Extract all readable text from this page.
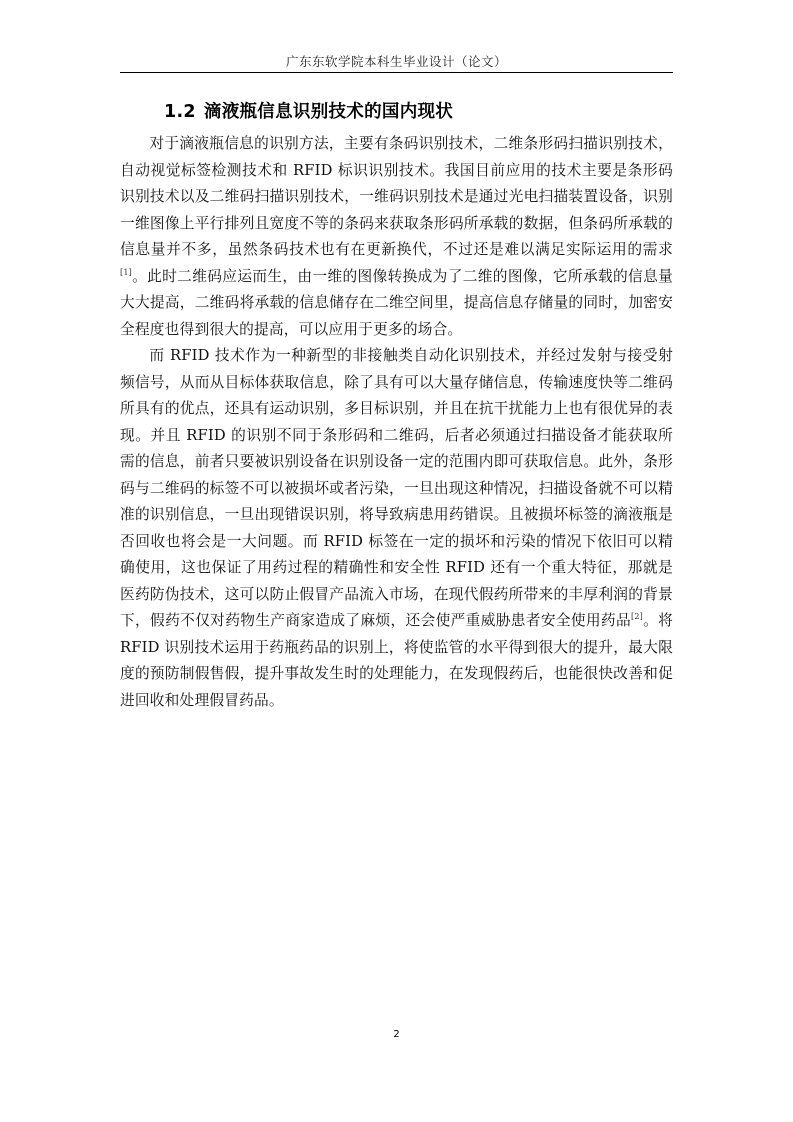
广东东软学院本科生毕业设计（论文）
1.2 滴液瓶信息识别技术的国内现状

对于滴液瓶信息的识别方法，主要有条码识别技术，二维条形码扫描识别技术，自动视觉标签检测技术和 RFID 标识识别技术。我国目前应用的技术主要是条形码识别技术以及二维码扫描识别技术，一维码识别技术是通过光电扫描装置设备，识别一维图像上平行排列且宽度不等的条码来获取条形码所承载的数据，但条码所承载的信息量并不多，虽然条码技术也有在更新换代，不过还是难以满足实际运用的需求[1]。此时二维码应运而生，由一维的图像转换成为了二维的图像，它所承载的信息量大大提高，二维码将承载的信息储存在二维空间里，提高信息存储量的同时，加密安全程度也得到很大的提高，可以应用于更多的场合。

而 RFID 技术作为一种新型的非接触类自动化识别技术，并经过发射与接受射频信号，从而从目标体获取信息，除了具有可以大量存储信息，传输速度快等二维码所具有的优点，还具有运动识别，多目标识别，并且在抗干扰能力上也有很优异的表现。并且 RFID 的识别不同于条形码和二维码，后者必须通过扫描设备才能获取所需的信息，前者只要被识别设备在识别设备一定的范围内即可获取信息。此外，条形码与二维码的标签不可以被损坏或者污染，一旦出现这种情况，扫描设备就不可以精准的识别信息，一旦出现错误识别，将导致病患用药错误。且被损坏标签的滴液瓶是否回收也将会是一大问题。而 RFID 标签在一定的损坏和污染的情况下依旧可以精确使用，这也保证了用药过程的精确性和安全性 RFID 还有一个重大特征，那就是医药防伪技术，这可以防止假冒产品流入市场，在现代假药所带来的丰厚利润的背景下，假药不仅对药物生产商家造成了麻烦，还会使严重威胁患者安全使用药品[2]。将 RFID 识别技术运用于药瓶药品的识别上，将使监管的水平得到很大的提升，最大限度的预防制假售假，提升事故发生时的处理能力，在发现假药后，也能很快改善和促进回收和处理假冒药品。

2
